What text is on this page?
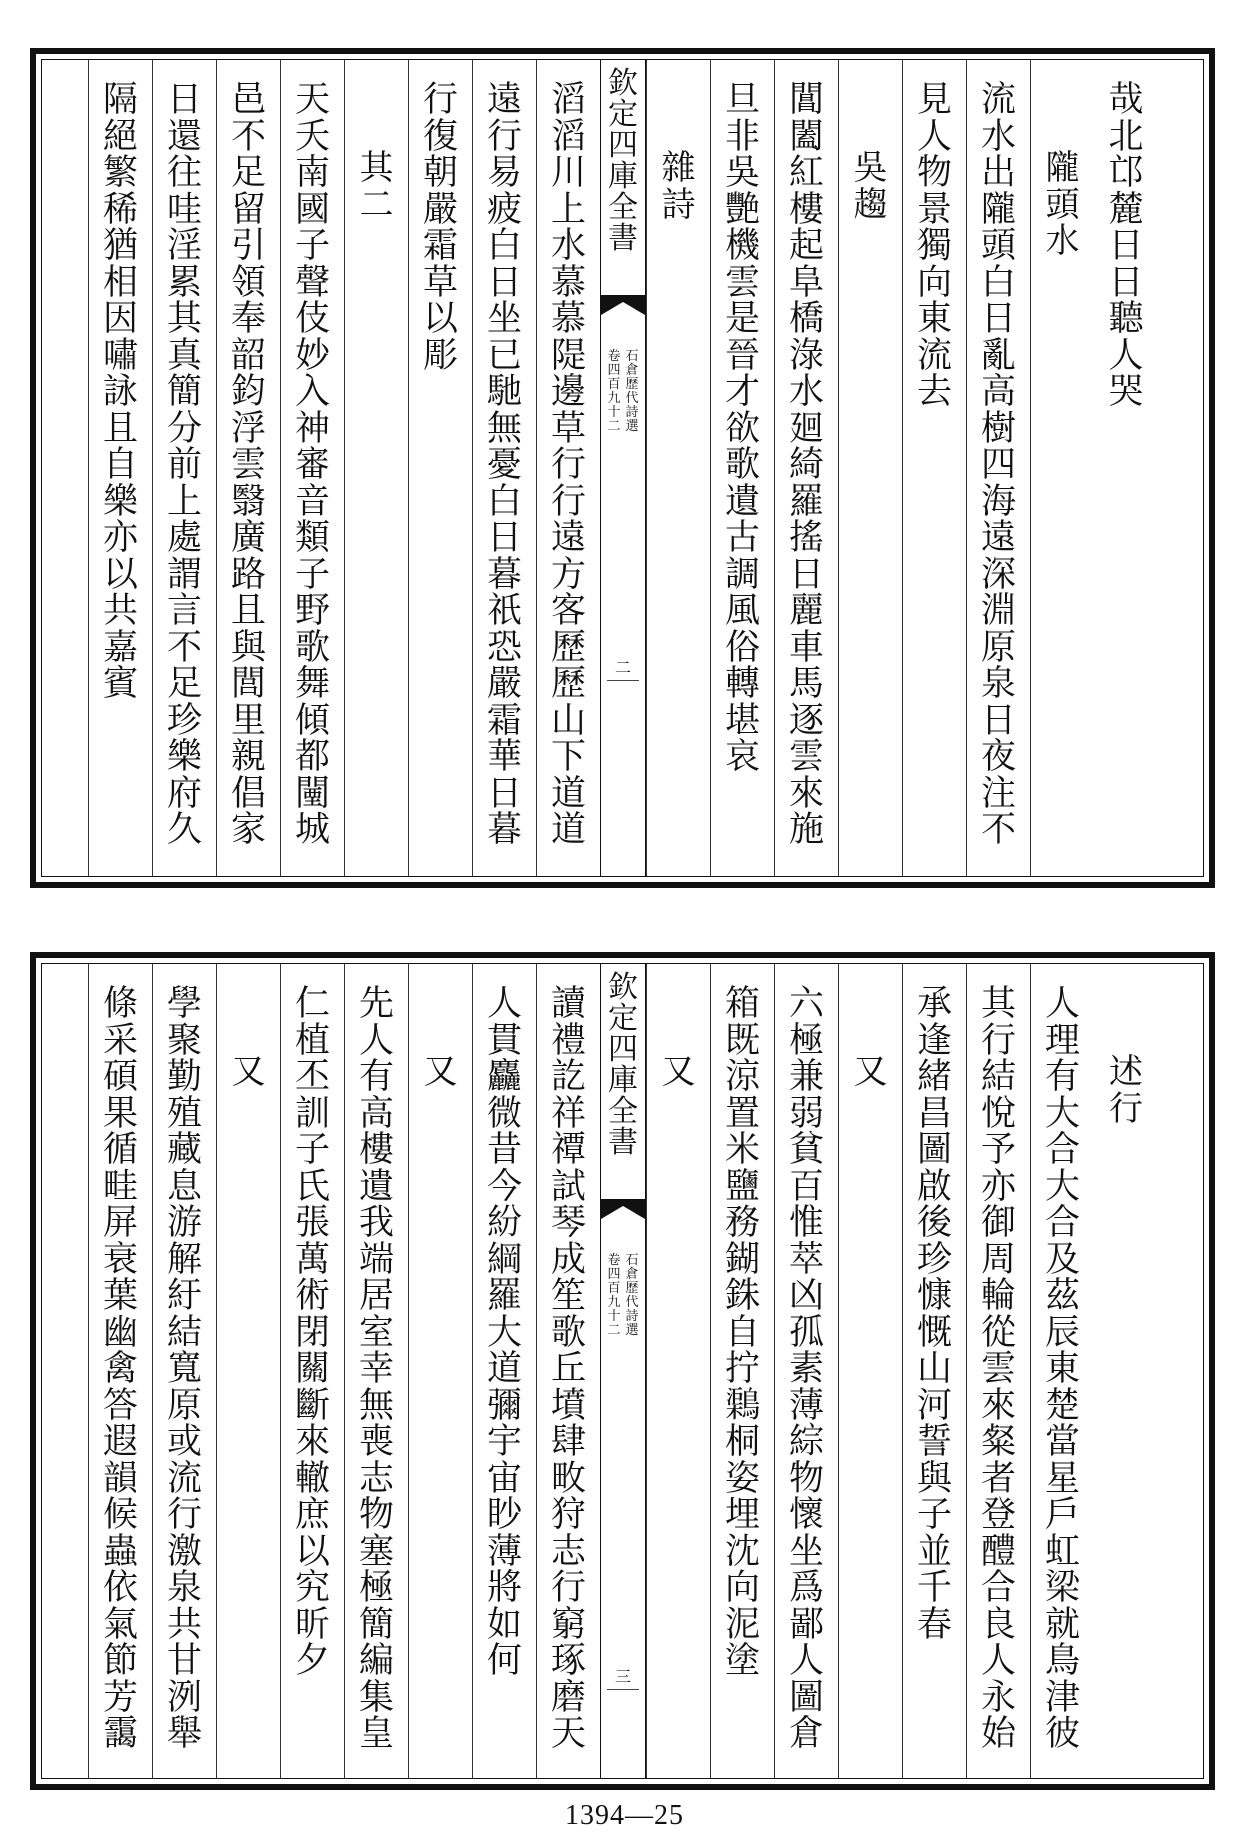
哉
北
邙
麓
日
日
聽
人
哭
隴
頭
水
流
水
出
隴
頭
白
日
亂
高
樹
四
海
遠
深
淵
原
泉
日
夜
注
不
見
人
物
景
獨
向
東
流
去
吳
趨
閶
闔
紅
樓
起
阜
橋
淥
水
廻
綺
羅
搖
日
麗
車
馬
逐
雲
來
施
旦
非
吳
艷
機
雲
是
晉
才
欲
歌
遺
古
調
風
俗
轉
堪
哀
雜
詩
欽
定
四
庫
全
書
石
倉
歷
代
詩
選
卷
四
百
九
十
二
二
滔
滔
川
上
水
慕
慕
隄
邊
草
行
行
遠
方
客
歷
歷
山
下
道
道
遠
行
易
疲
白
日
坐
已
馳
無
憂
白
日
暮
祇
恐
嚴
霜
華
日
暮
行
復
朝
嚴
霜
草
以
彫
其
二
天
夭
南
國
子
聲
伎
妙
入
神
審
音
類
子
野
歌
舞
傾
都
闉
城
邑
不
足
留
引
領
奉
韶
鈞
浮
雲
翳
廣
路
且
與
閭
里
親
倡
家
日
還
往
哇
淫
累
其
真
簡
分
前
上
處
謂
言
不
足
珍
樂
府
久
隔
絕
繁
稀
猶
相
因
嘯
詠
且
自
樂
亦
以
共
嘉
賓
述
行
人
理
有
大
合
大
合
及
茲
辰
東
楚
當
星
戶
虹
梁
就
鳥
津
彼
其
行
結
悅
予
亦
御
周
輪
從
雲
來
粲
者
登
醴
合
良
人
永
始
承
逢
緒
昌
圖
啟
後
珍
慷
慨
山
河
誓
與
子
並
千
春
又
六
極
兼
弱
貧
百
惟
萃
凶
孤
素
薄
綜
物
懷
坐
爲
鄙
人
圖
倉
箱
既
涼
置
米
鹽
務
鍸
銖
自
拧
𪆂
桐
姿
埋
沈
向
泥
塗
又
欽
定
四
庫
全
書
石
倉
歷
代
詩
選
卷
四
百
九
十
二
三
讀
禮
訖
祥
禫
試
琴
成
笙
歌
丘
墳
肆
畋
狩
志
行
窮
琢
磨
天
人
貫
麤
微
昔
今
紛
綱
羅
大
道
彌
宇
宙
眇
薄
將
如
何
又
先
人
有
高
樓
遺
我
端
居
室
幸
無
喪
志
物
塞
極
簡
編
集
皇
仁
植
丕
訓
子
氏
張
萬
術
閉
關
斷
來
轍
庶
以
究
昕
夕
又
學
聚
勤
殖
藏
息
游
解
紆
結
寬
原
或
流
行
激
泉
共
甘
洌
舉
條
采
碩
果
循
畦
屏
衰
葉
幽
禽
答
遐
韻
候
蟲
依
氣
節
芳
靄
1394—25
